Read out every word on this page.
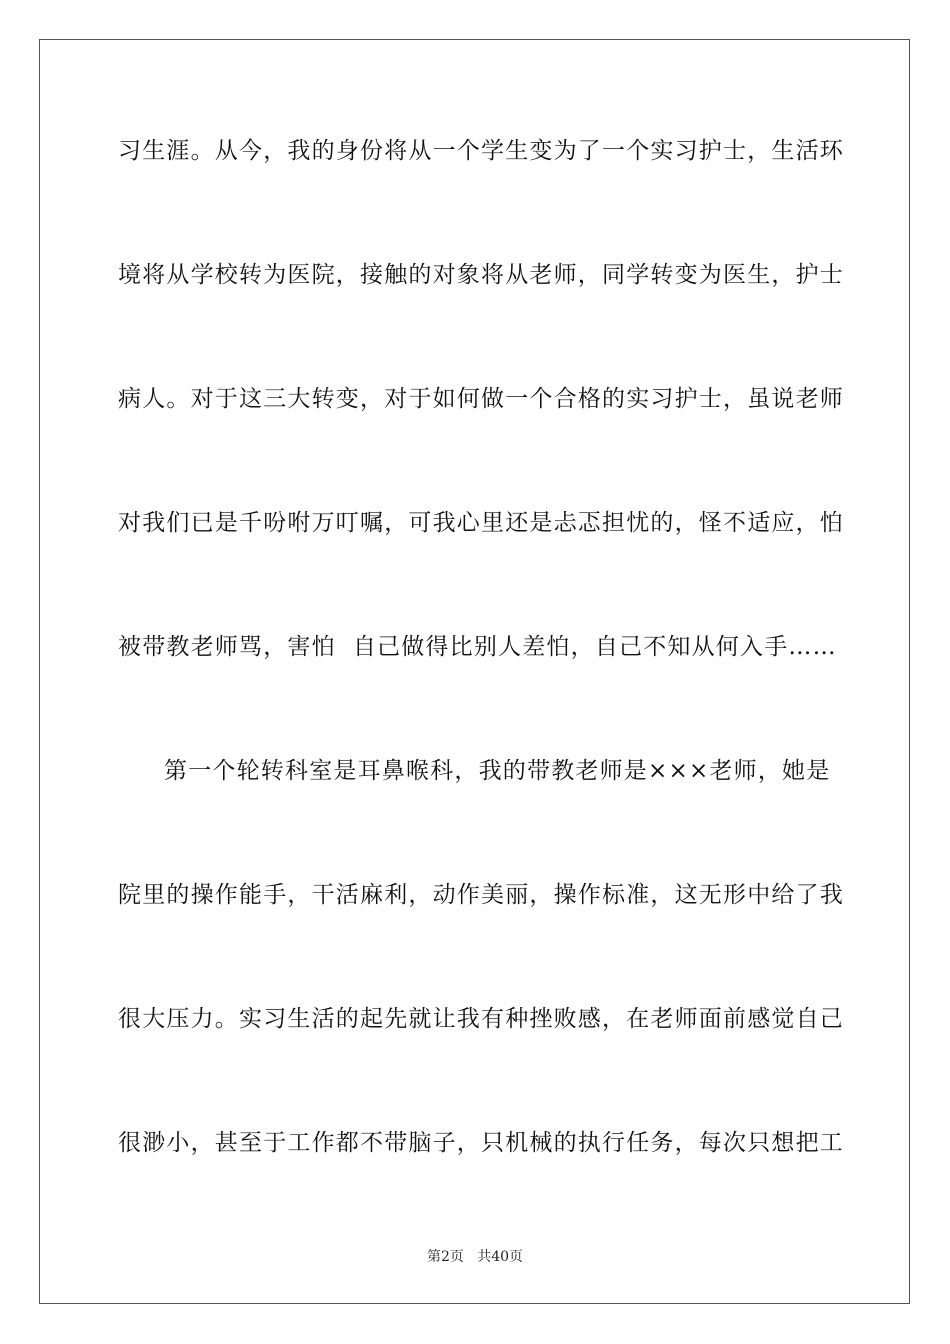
习生涯。从今，我的身份将从一个学生变为了一个实习护士，生活环
境将从学校转为医院，接触的对象将从老师，同学转变为医生，护士
病人。对于这三大转变，对于如何做一个合格的实习护士，虽说老师
对我们已是千吩咐万叮嘱，可我心里还是忐忑担忧的，怪不适应，怕
被带教老师骂，害怕  自己做得比别人差怕，自己不知从何入手……
第一个轮转科室是耳鼻喉科，我的带教老师是×××老师，她是
院里的操作能手，干活麻利，动作美丽，操作标准，这无形中给了我
很大压力。实习生活的起先就让我有种挫败感，在老师面前感觉自己
很渺小，甚至于工作都不带脑子，只机械的执行任务，每次只想把工
第2页   共40页
